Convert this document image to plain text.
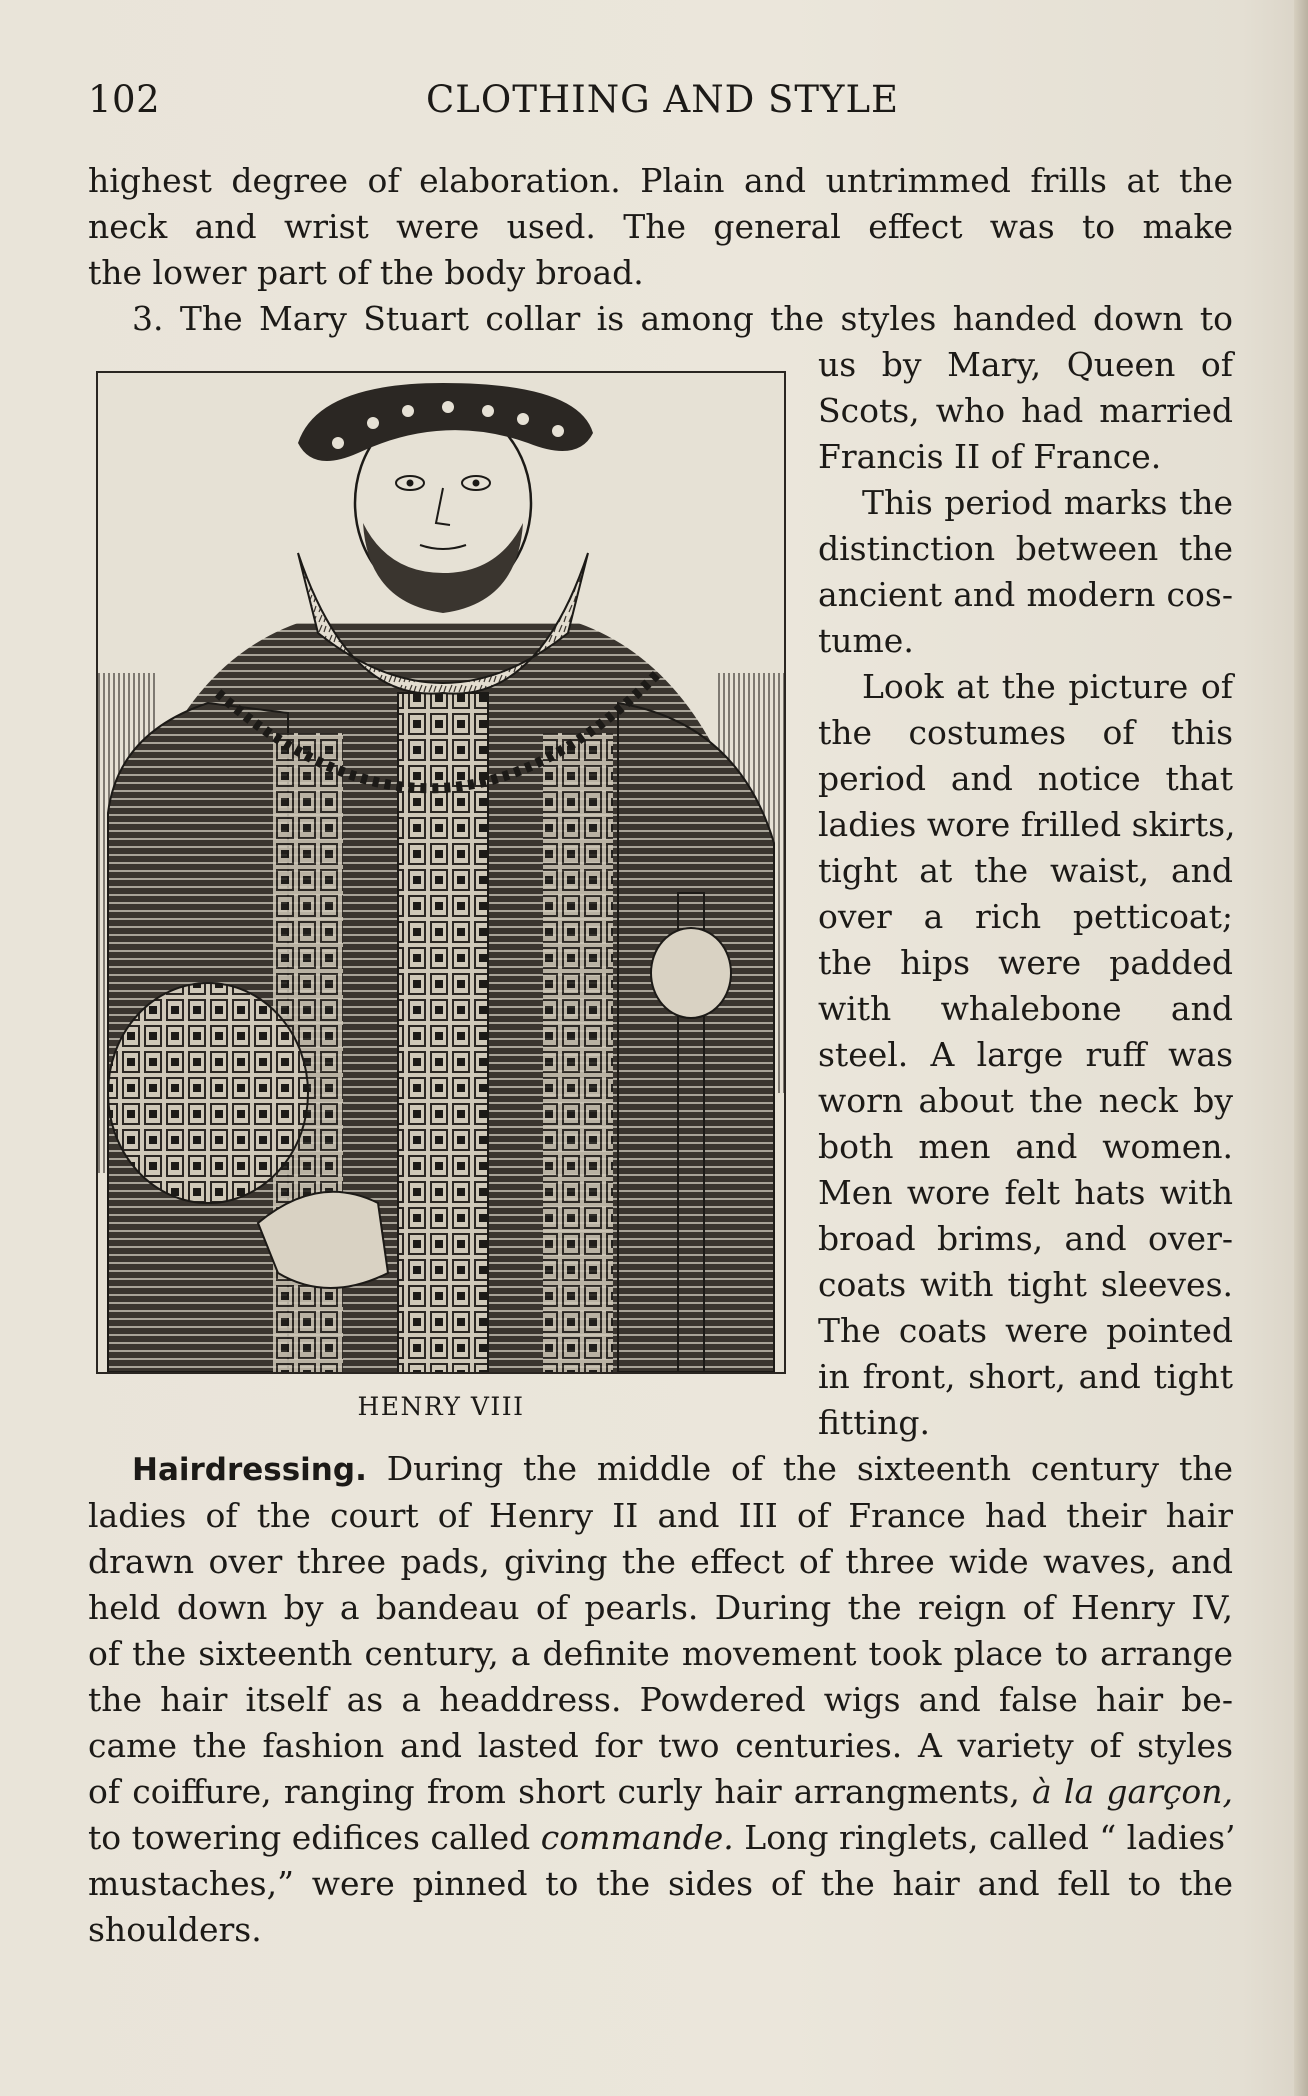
102	CLOTHING AND STYLE
highest degree of elaboration. Plain and untrimmed frills at the
neck and wrist were used. The general effect was to make
the lower part of the body broad.
3. The Mary Stuart collar is among the styles handed down to
HENRY VIII
us by Mary, Queen of
Scots, who had married
Francis II of France.
This period marks the
distinction between the
ancient and modern cos-
tume.
Look at the picture of
the costumes of this
period and notice that
ladies wore frilled skirts,
tight at the waist, and
over a rich petticoat;
the hips were padded
with whalebone and
steel. A large ruff was
worn about the neck by
both men and women.
Men wore felt hats with
broad brims, and over-
coats with tight sleeves.
The coats were pointed
in front, short, and tight
fitting.
Hairdressing. During the middle of the sixteenth century the
ladies of the court of Henry II and III of France had their hair
drawn over three pads, giving the effect of three wide waves, and
held down by a bandeau of pearls. During the reign of Henry IV,
of the sixteenth century, a definite movement took place to arrange
the hair itself as a headdress. Powdered wigs and false hair be-
came the fashion and lasted for two centuries. A variety of styles
of coiffure, ranging from short curly hair arrangments, à la garçon,
to towering edifices called commande. Long ringlets, called “ ladies’
mustaches,” were pinned to the sides of the hair and fell to the
shoulders.
